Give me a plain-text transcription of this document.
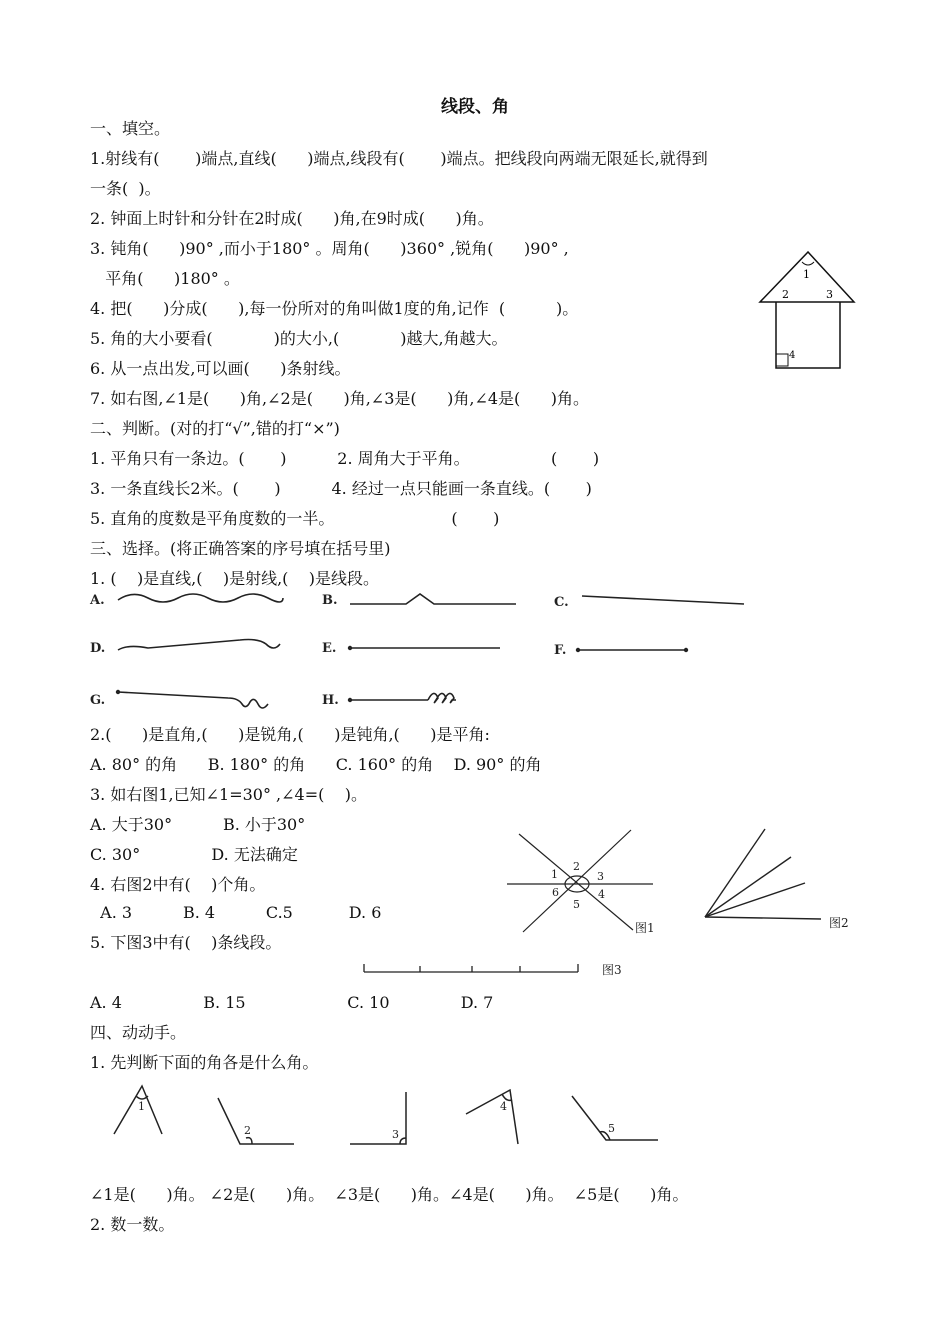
线段、角
一、填空。
1.射线有(       )端点,直线(      )端点,线段有(       )端点。把线段向两端无限延长,就得到
一条(  )。
2. 钟面上时针和分针在2时成(      )角,在9时成(      )角。
3. 钝角(      )90° ,而小于180° 。周角(      )360° ,锐角(      )90° ,
平角(      )180° 。
4. 把(      )分成(      ),每一份所对的角叫做1度的角,记作  (          )。
5. 角的大小要看(            )的大小,(            )越大,角越大。
6. 从一点出发,可以画(      )条射线。
7. 如右图,∠1是(      )角,∠2是(      )角,∠3是(      )角,∠4是(      )角。
1
2	3
4
二、判断。(对的打“√”,错的打“×”)
1. 平角只有一条边。(       )          2. 周角大于平角。                (       )
3. 一条直线长2米。(       )          4. 经过一点只能画一条直线。(       )
5. 直角的度数是平角度数的一半。                       (       )
三、选择。(将正确答案的序号填在括号里)
1. (    )是直线,(    )是射线,(    )是线段。
A.	B.	C.
D.	E.	F.
G.	H.
2.(      )是直角,(      )是锐角,(      )是钝角,(      )是平角:
A. 80° 的角      B. 180° 的角      C. 160° 的角    D. 90° 的角
3. 如右图1,已知∠1=30° ,∠4=(    )。
A. 大于30°          B. 小于30°
C. 30°              D. 无法确定
4. 右图2中有(    )个角。
A. 3          B. 4          C.5           D. 6
5. 下图3中有(    )条线段。
1
2
3
4
5
6
图1	图2
图3
A. 4                B. 15                    C. 10              D. 7
四、动动手。
1. 先判断下面的角各是什么角。
1
2	3
4
5
∠1是(      )角。 ∠2是(      )角。  ∠3是(      )角。∠4是(      )角。  ∠5是(      )角。
2. 数一数。
